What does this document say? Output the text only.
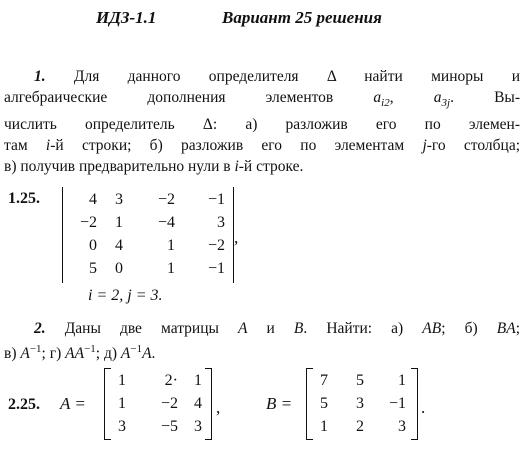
ИДЗ-1.1	Вариант 25 решения
1. Для данного определителя Δ найти миноры и
алгебраические дополнения элементов $a_{i2}$, $a_{3j}$. Вы-
числить определитель Δ: а) разложив его по элемен-
там i-й строки; б) разложив его по элементам j-го столбца;
в) получив предварительно нули в i-й строке.
1.25.	4	3	−2	−1
−2	1	−4	3
0	4	1	−2
5	0	1	−1
,
i = 2, j = 3.
2. Даны две матрицы A и B. Найти: а) AB; б) BA;
в) $A^{-1}$; г) $AA^{-1}$; д) $A^{-1}A$.
2.25. A =
1	2·	1
1	−2	4
3	−5	3
,	B =
7	5	1
5	3	−1
1	2	3
.
